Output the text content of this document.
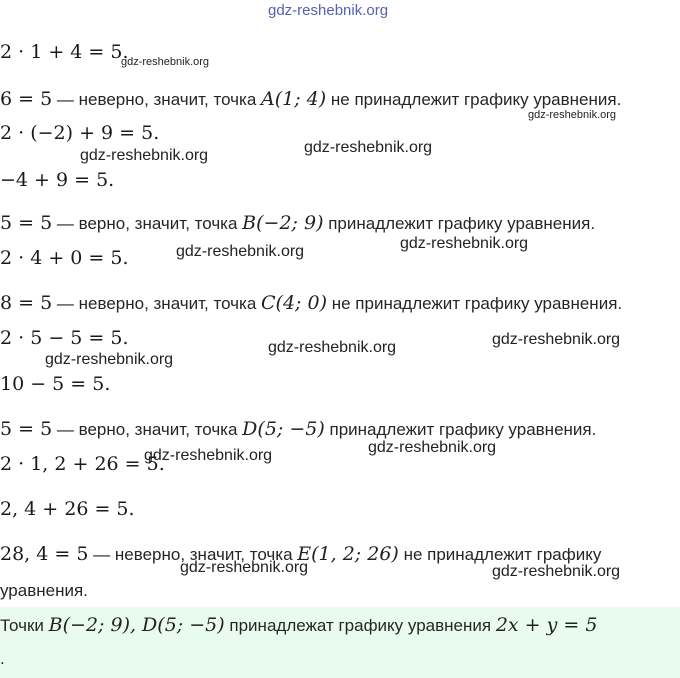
gdz-reshebnik.org
2 · 1 + 4 = 5.
gdz-reshebnik.org
6 = 5 — неверно, значит, точка A(1; 4) не принадлежит графику уравнения.
gdz-reshebnik.org
2 · (−2) + 9 = 5.
gdz-reshebnik.org	gdz-reshebnik.org
−4 + 9 = 5.
5 = 5 — верно, значит, точка B(−2; 9) принадлежит графику уравнения.
gdz-reshebnik.org
2 · 4 + 0 = 5.	gdz-reshebnik.org
8 = 5 — неверно, значит, точка C(4; 0) не принадлежит графику уравнения.
2 · 5 − 5 = 5.	gdz-reshebnik.org
gdz-reshebnik.org
gdz-reshebnik.org
10 − 5 = 5.
5 = 5 — верно, значит, точка D(5; −5) принадлежит графику уравнения.
2 · 1, 2 + 26 = 5.
gdz-reshebnik.org	gdz-reshebnik.org
2, 4 + 26 = 5.
28, 4 = 5 — неверно, значит, точка E(1, 2; 26) не принадлежит графику
уравнения.
gdz-reshebnik.org	gdz-reshebnik.org
Точки B(−2; 9), D(5; −5) принадлежат графику уравнения 2x + y = 5
.
